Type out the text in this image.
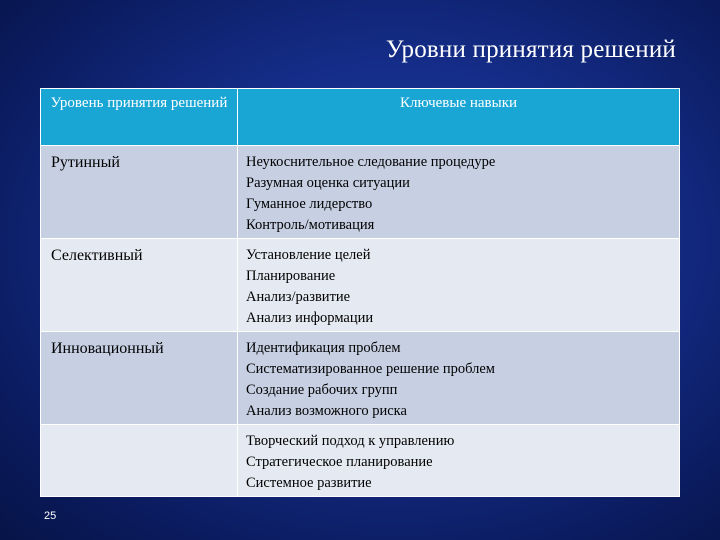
Уровни принятия решений
Уровень принятия решений	Ключевые навыки
Рутинный	Неукоснительное следование процедуре
Разумная оценка ситуации
Гуманное лидерство
Контроль/мотивация

Селективный	Установление целей
Планирование
Анализ/развитие
Анализ информации

Инновационный	Идентификация проблем
Систематизированное решение проблем
Создание рабочих групп
Анализ возможного риска

	Творческий подход к управлению
Стратегическое планирование
Системное развитие
25
